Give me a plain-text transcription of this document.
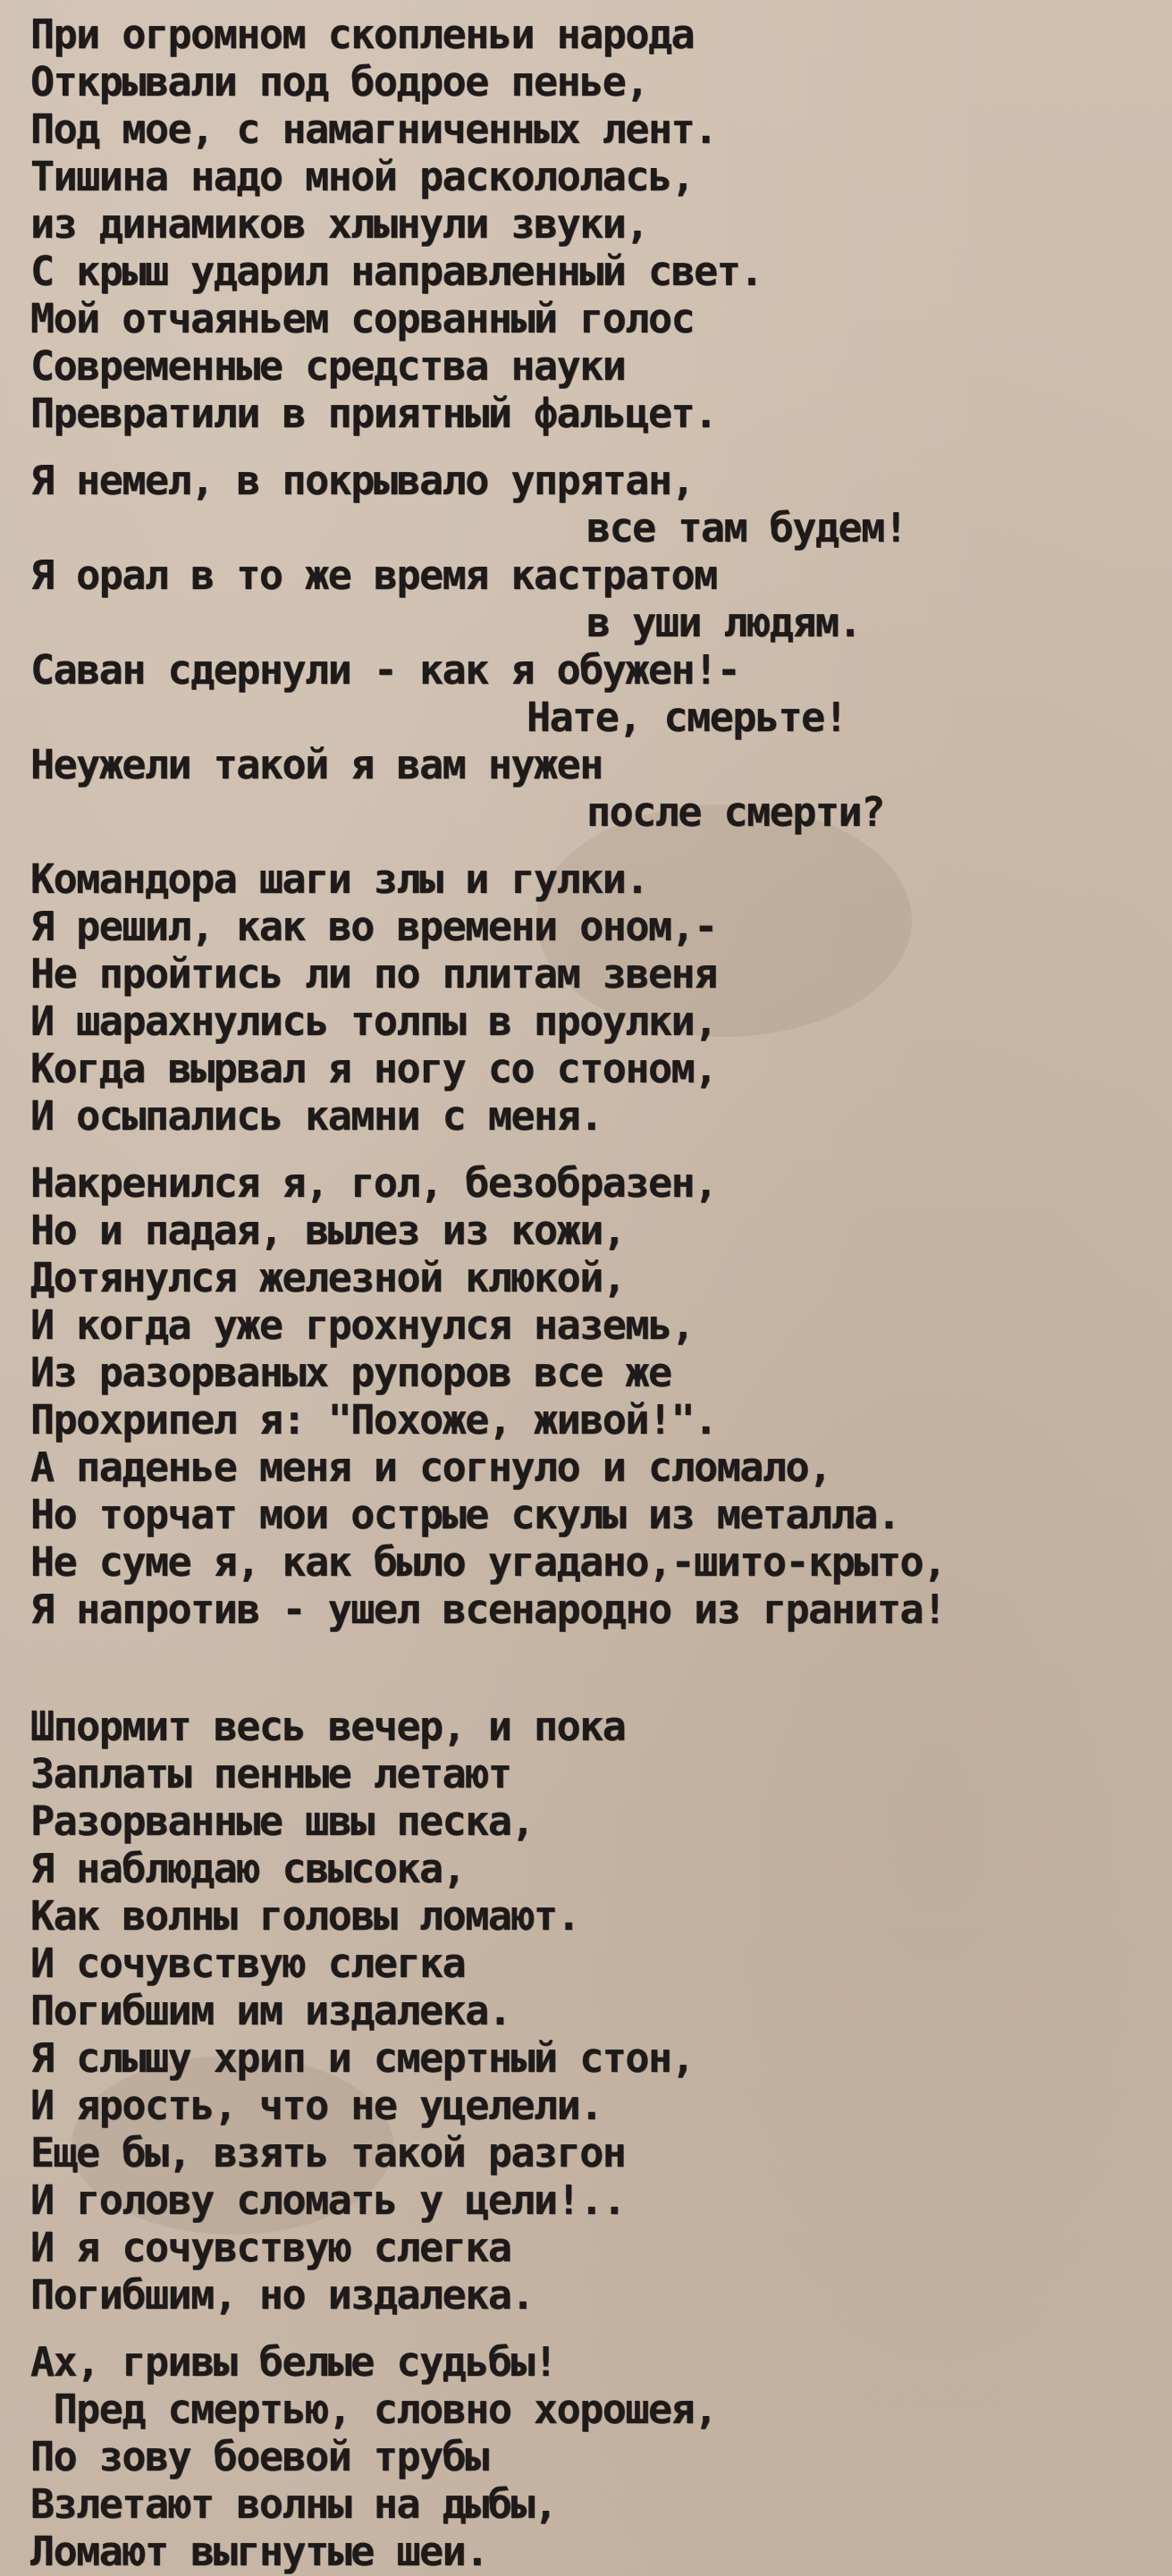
При огромном скопленьи народа
Открывали под бодрое пенье,
Под мое, с намагниченных лент.
Тишина надо мной раскололась,
из динамиков хлынули звуки,
С крыш ударил направленный свет.
Мой отчаяньем сорванный голос
Современные средства науки
Превратили в приятный фальцет.
Я немел, в покрывало упрятан,
все там будем!
Я орал в то же время кастратом
в уши людям.
Саван сдернули - как я обужен!-
Нате, смерьте!
Неужели такой я вам нужен
после смерти?
Командора шаги злы и гулки.
Я решил, как во времени оном,-
Не пройтись ли по плитам звеня
И шарахнулись толпы в проулки,
Когда вырвал я ногу со стоном,
И осыпались камни с меня.
Накренился я, гол, безобразен,
Но и падая, вылез из кожи,
Дотянулся железной клюкой,
И когда уже грохнулся наземь,
Из разорваных рупоров все же
Прохрипел я: "Похоже, живой!".
А паденье меня и согнуло и сломало,
Но торчат мои острые скулы из металла.
Не суме я, как было угадано,-шито-крыто,
Я напротив - ушел всенародно из гранита!
Шпормит весь вечер, и пока
Заплаты пенные летают
Разорванные швы песка,
Я наблюдаю свысока,
Как волны головы ломают.
И сочувствую слегка
Погибшим им издалека.
Я слышу хрип и смертный стон,
И ярость, что не уцелели.
Еще бы, взять такой разгон
И голову сломать у цели!..
И я сочувствую слегка
Погибшим, но издалека.
Ах, гривы белые судьбы!
Пред смертью, словно хорошея,
По зову боевой трубы
Взлетают волны на дыбы,
Ломают выгнутые шеи.
